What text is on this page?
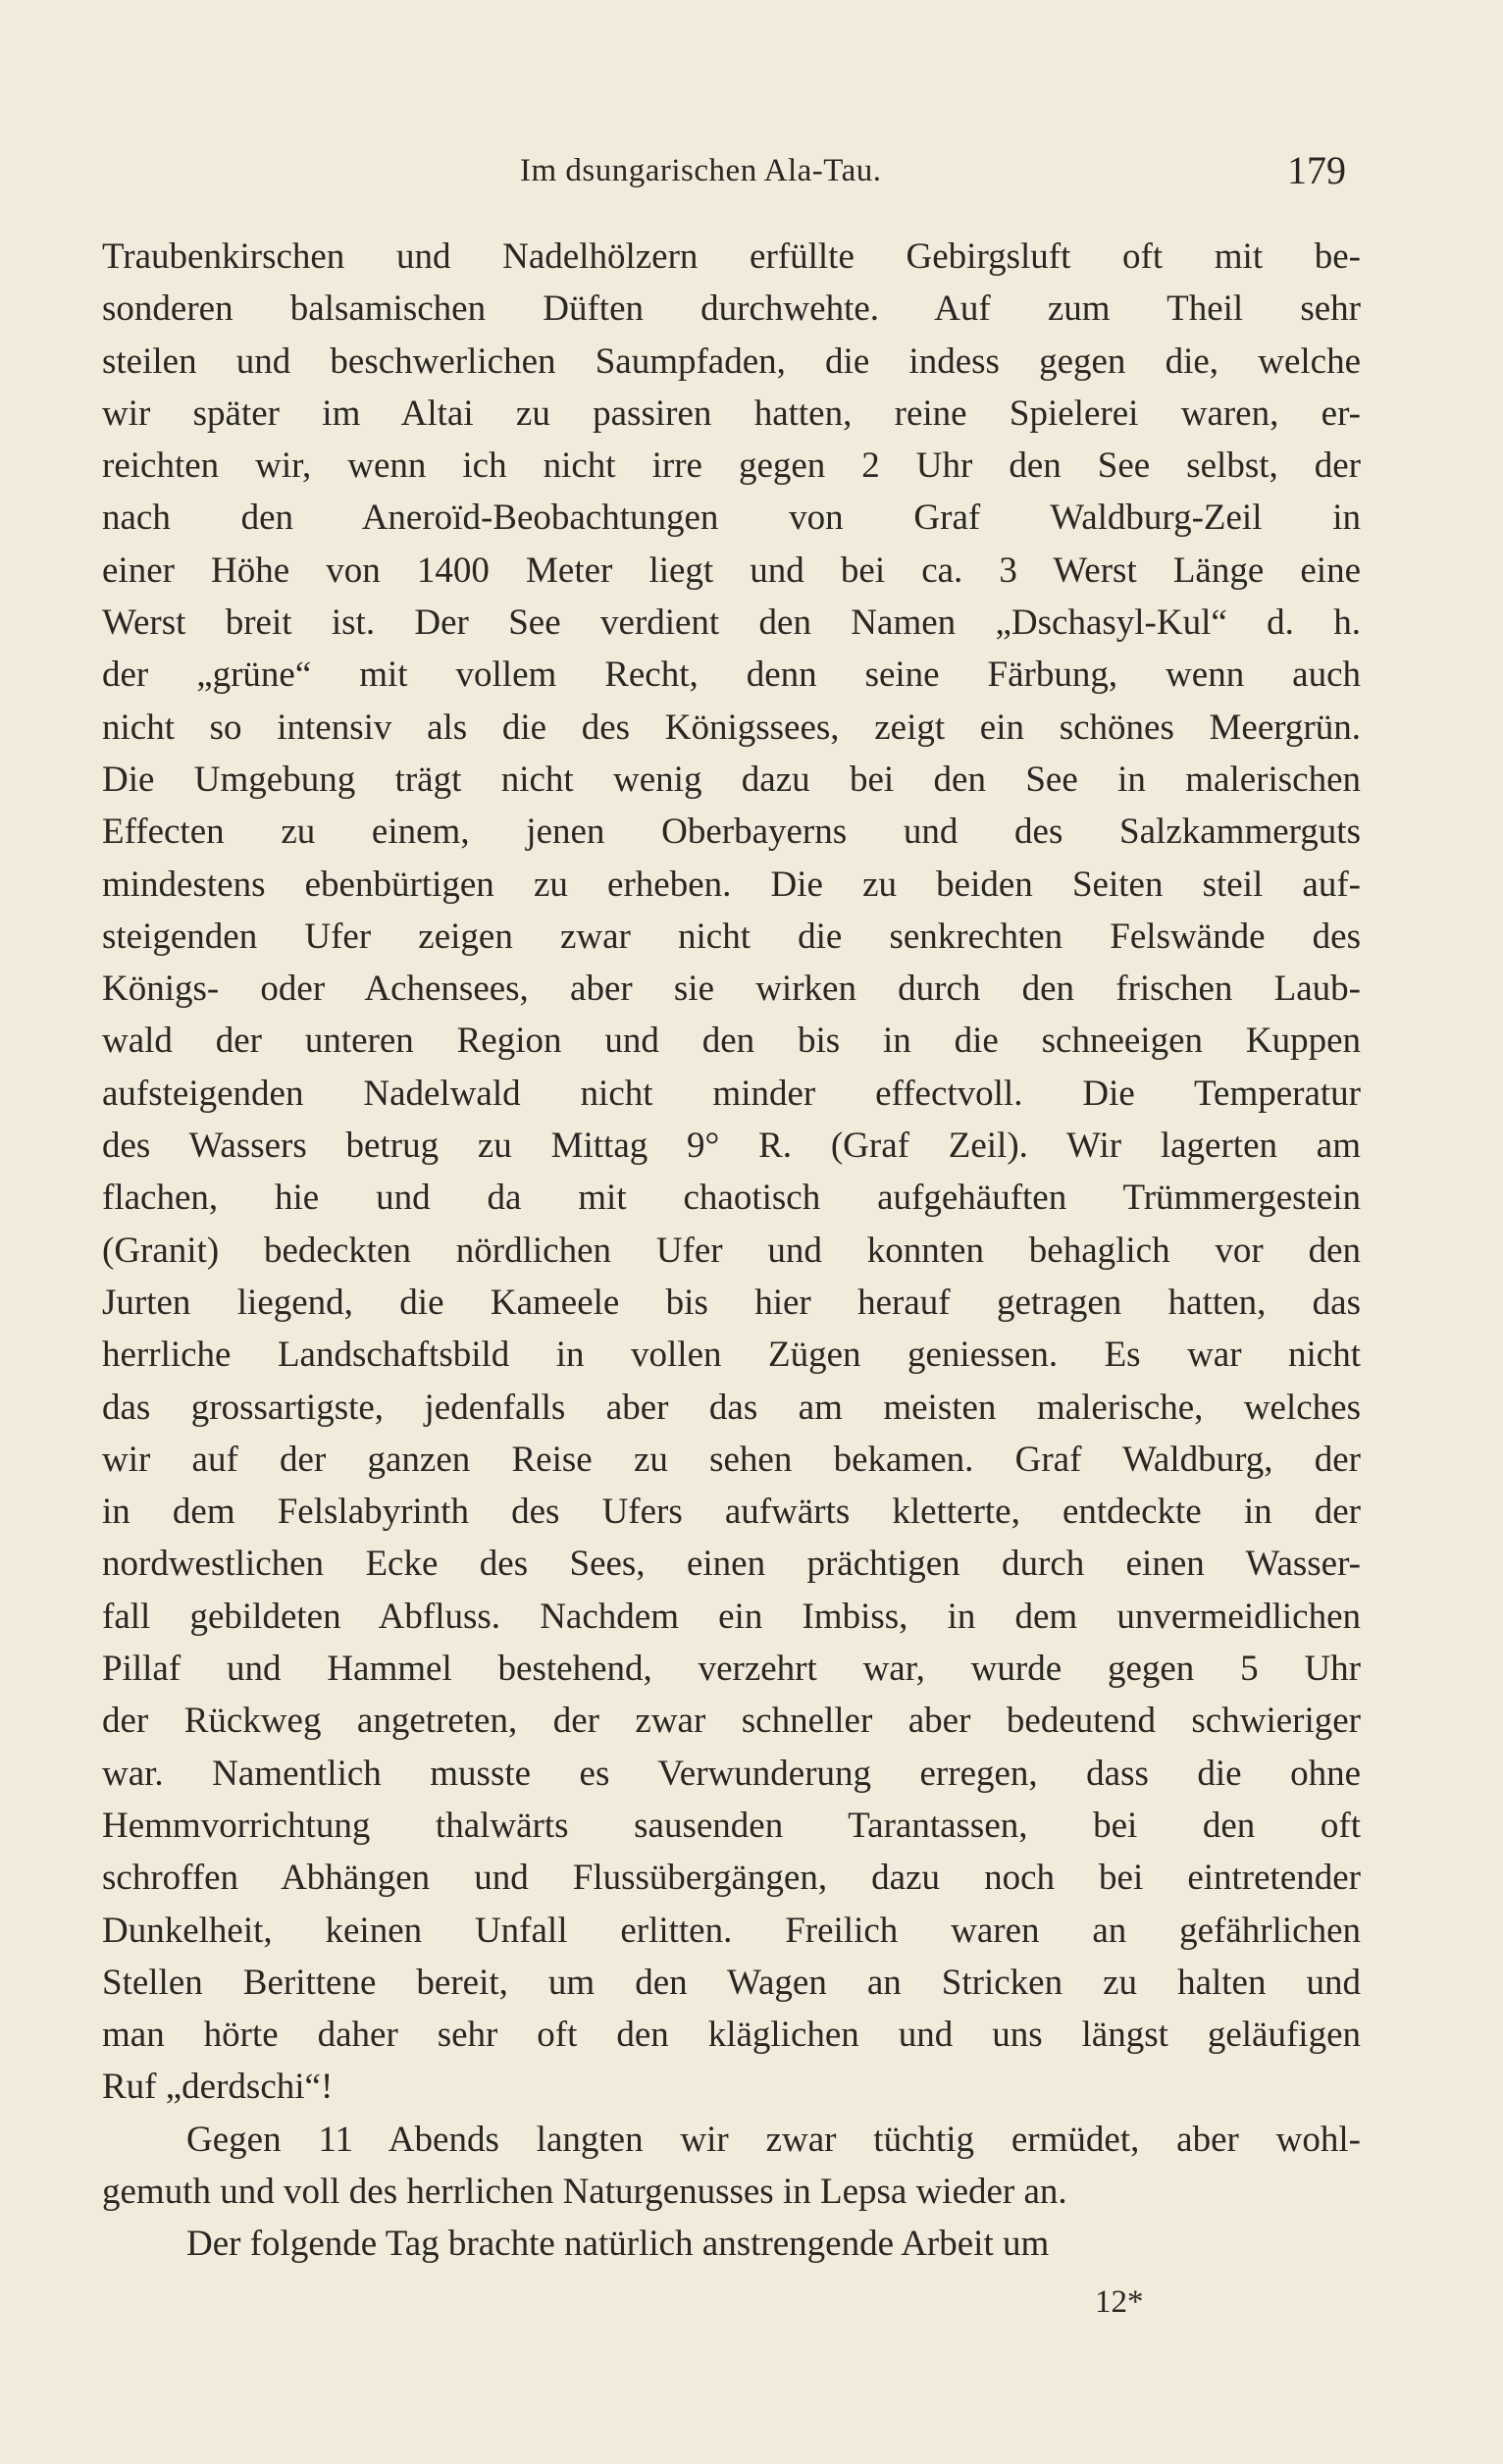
Im dsungarischen Ala-Tau.	179
Traubenkirschen und Nadelhölzern erfüllte Gebirgsluft oft mit be-
sonderen balsamischen Düften durchwehte. Auf zum Theil sehr
steilen und beschwerlichen Saumpfaden, die indess gegen die, welche
wir später im Altai zu passiren hatten, reine Spielerei waren, er-
reichten wir, wenn ich nicht irre gegen 2 Uhr den See selbst, der
nach den Aneroïd-Beobachtungen von Graf Waldburg-Zeil in
einer Höhe von 1400 Meter liegt und bei ca. 3 Werst Länge eine
Werst breit ist. Der See verdient den Namen „Dschasyl-Kul“ d. h.
der „grüne“ mit vollem Recht, denn seine Färbung, wenn auch
nicht so intensiv als die des Königssees, zeigt ein schönes Meergrün.
Die Umgebung trägt nicht wenig dazu bei den See in malerischen
Effecten zu einem, jenen Oberbayerns und des Salzkammerguts
mindestens ebenbürtigen zu erheben. Die zu beiden Seiten steil auf-
steigenden Ufer zeigen zwar nicht die senkrechten Felswände des
Königs- oder Achensees, aber sie wirken durch den frischen Laub-
wald der unteren Region und den bis in die schneeigen Kuppen
aufsteigenden Nadelwald nicht minder effectvoll. Die Temperatur
des Wassers betrug zu Mittag 9° R. (Graf Zeil). Wir lagerten am
flachen, hie und da mit chaotisch aufgehäuften Trümmergestein
(Granit) bedeckten nördlichen Ufer und konnten behaglich vor den
Jurten liegend, die Kameele bis hier herauf getragen hatten, das
herrliche Landschaftsbild in vollen Zügen geniessen. Es war nicht
das grossartigste, jedenfalls aber das am meisten malerische, welches
wir auf der ganzen Reise zu sehen bekamen. Graf Waldburg, der
in dem Felslabyrinth des Ufers aufwärts kletterte, entdeckte in der
nordwestlichen Ecke des Sees, einen prächtigen durch einen Wasser-
fall gebildeten Abfluss. Nachdem ein Imbiss, in dem unvermeidlichen
Pillaf und Hammel bestehend, verzehrt war, wurde gegen 5 Uhr
der Rückweg angetreten, der zwar schneller aber bedeutend schwieriger
war. Namentlich musste es Verwunderung erregen, dass die ohne
Hemmvorrichtung thalwärts sausenden Tarantassen, bei den oft
schroffen Abhängen und Flussübergängen, dazu noch bei eintretender
Dunkelheit, keinen Unfall erlitten. Freilich waren an gefährlichen
Stellen Berittene bereit, um den Wagen an Stricken zu halten und
man hörte daher sehr oft den kläglichen und uns längst geläufigen
Ruf „derdschi“!
Gegen 11 Abends langten wir zwar tüchtig ermüdet, aber wohl-
gemuth und voll des herrlichen Naturgenusses in Lepsa wieder an.
Der folgende Tag brachte natürlich anstrengende Arbeit um
12*
